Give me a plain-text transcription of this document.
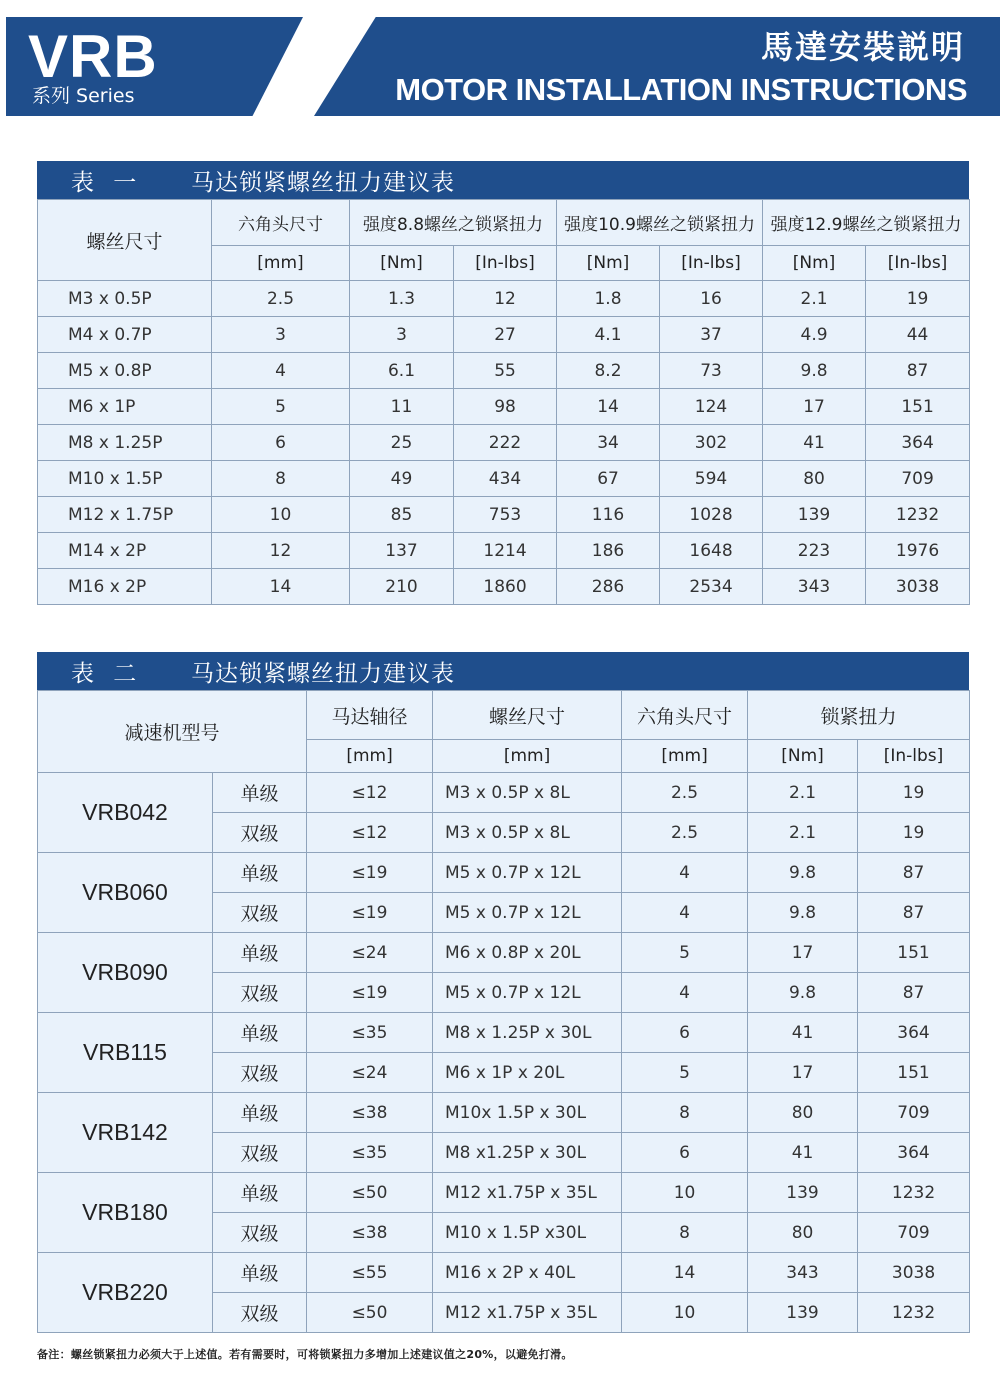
VRB
系列 Series
馬達安裝説明
MOTOR INSTALLATION INSTRUCTIONS
表 一	马达锁紧螺丝扭力建议表
螺丝尺寸	六角头尺寸	强度8.8螺丝之锁紧扭力		强度10.9螺丝之锁紧扭力		强度12.9螺丝之锁紧扭力	
	[mm]	[Nm]	[In-lbs]	[Nm]	[In-lbs]	[Nm]	[In-lbs]
M3 x 0.5P	2.5	1.3	12	1.8	16	2.1	19
M4 x 0.7P	3	3	27	4.1	37	4.9	44
M5 x 0.8P	4	6.1	55	8.2	73	9.8	87
M6 x 1P	5	11	98	14	124	17	151
M8 x 1.25P	6	25	222	34	302	41	364
M10 x 1.5P	8	49	434	67	594	80	709
M12 x 1.75P	10	85	753	116	1028	139	1232
M14 x 2P	12	137	1214	186	1648	223	1976
M16 x 2P	14	210	1860	286	2534	343	3038
表 二	马达锁紧螺丝扭力建议表
减速机型号		马达轴径	螺丝尺寸	六角头尺寸	锁紧扭力	
		[mm]	[mm]	[mm]	[Nm]	[In-lbs]
VRB042	单级	≤12	M3 x 0.5P x 8L	2.5	2.1	19
	双级	≤12	M3 x 0.5P x 8L	2.5	2.1	19
VRB060	单级	≤19	M5 x 0.7P x 12L	4	9.8	87
	双级	≤19	M5 x 0.7P x 12L	4	9.8	87
VRB090	单级	≤24	M6 x 0.8P x 20L	5	17	151
	双级	≤19	M5 x 0.7P x 12L	4	9.8	87
VRB115	单级	≤35	M8 x 1.25P x 30L	6	41	364
	双级	≤24	M6 x 1P x 20L	5	17	151
VRB142	单级	≤38	M10x 1.5P x 30L	8	80	709
	双级	≤35	M8 x1.25P x 30L	6	41	364
VRB180	单级	≤50	M12 x1.75P x 35L	10	139	1232
	双级	≤38	M10 x 1.5P x30L	8	80	709
VRB220	单级	≤55	M16 x 2P x 40L	14	343	3038
	双级	≤50	M12 x1.75P x 35L	10	139	1232
备注：螺丝锁紧扭力必须大于上述值。若有需要时，可将锁紧扭力多增加上述建议值之20%，以避免打滑。
